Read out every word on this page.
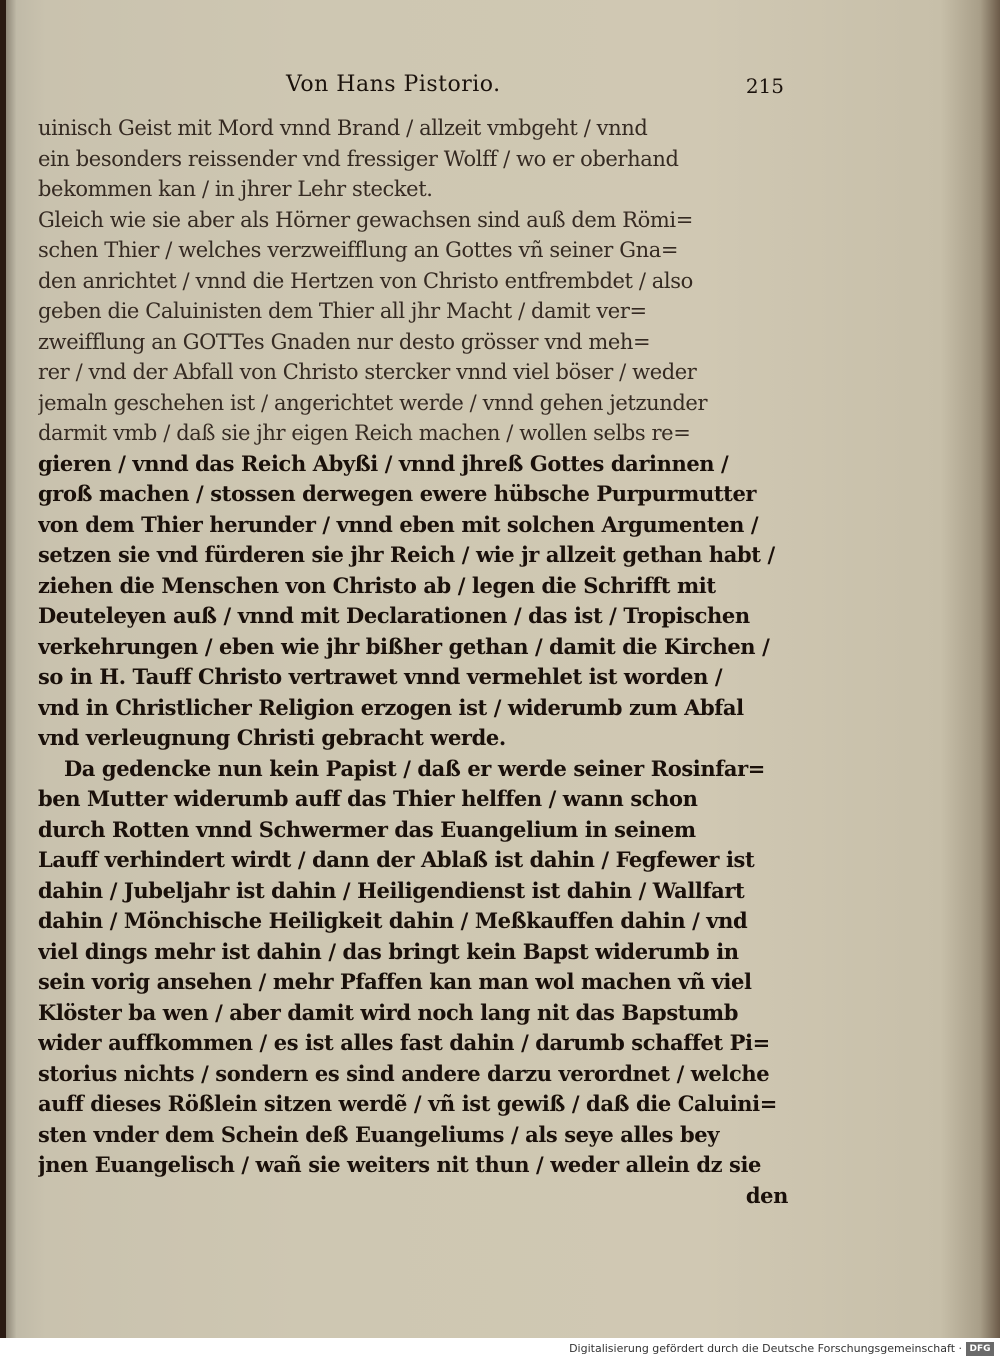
Von Hans Pistorio.	215
uinisch Geist mit Mord vnnd Brand / allzeit vmbgeht / vnnd
ein besonders reissender vnd fressiger Wolff / wo er oberhand
bekommen kan / in jhrer Lehr stecket.
Gleich wie sie aber als Hörner gewachsen sind auß dem Römi=
schen Thier / welches verzweifflung an Gottes vñ seiner Gna=
den anrichtet / vnnd die Hertzen von Christo entfrembdet / also
geben die Caluinisten dem Thier all jhr Macht / damit ver=
zweifflung an GOTTes Gnaden nur desto grösser vnd meh=
rer / vnd der Abfall von Christo stercker vnnd viel böser / weder
jemaln geschehen ist / angerichtet werde / vnnd gehen jetzunder
darmit vmb / daß sie jhr eigen Reich machen / wollen selbs re=
gieren / vnnd das Reich Abyßi / vnnd jhreß Gottes darinnen /
groß machen / stossen derwegen ewere hübsche Purpurmutter
von dem Thier herunder / vnnd eben mit solchen Argumenten /
setzen sie vnd fürderen sie jhr Reich / wie jr allzeit gethan habt /
ziehen die Menschen von Christo ab / legen die Schrifft mit
Deuteleyen auß / vnnd mit Declarationen / das ist / Tropischen
verkehrungen / eben wie jhr bißher gethan / damit die Kirchen /
so in H. Tauff Christo vertrawet vnnd vermehlet ist worden /
vnd in Christlicher Religion erzogen ist / widerumb zum Abfal
vnd verleugnung Christi gebracht werde.
Da gedencke nun kein Papist / daß er werde seiner Rosinfar=
ben Mutter widerumb auff das Thier helffen / wann schon
durch Rotten vnnd Schwermer das Euangelium in seinem
Lauff verhindert wirdt / dann der Ablaß ist dahin / Fegfewer ist
dahin / Jubeljahr ist dahin / Heiligendienst ist dahin / Wallfart
dahin / Mönchische Heiligkeit dahin / Meßkauffen dahin / vnd
viel dings mehr ist dahin / das bringt kein Bapst widerumb in
sein vorig ansehen / mehr Pfaffen kan man wol machen vñ viel
Klöster ba wen / aber damit wird noch lang nit das Bapstumb
wider auffkommen / es ist alles fast dahin / darumb schaffet Pi=
storius nichts / sondern es sind andere darzu verordnet / welche
auff dieses Rößlein sitzen werdẽ / vñ ist gewiß / daß die Caluini=
sten vnder dem Schein deß Euangeliums / als seye alles bey
jnen Euangelisch / wañ sie weiters nit thun / weder allein dz sie
den
Digitalisierung gefördert durch die Deutsche Forschungsgemeinschaft · DFG
